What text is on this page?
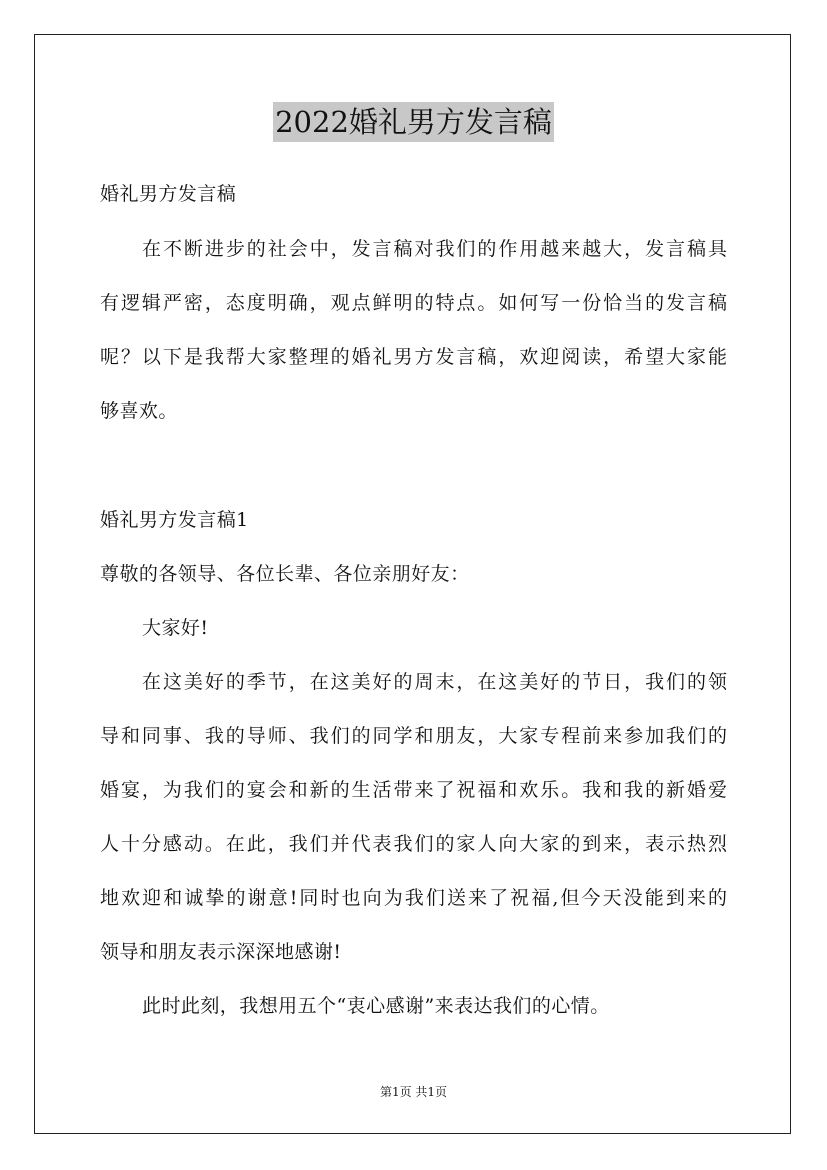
2022婚礼男方发言稿
婚礼男方发言稿
在不断进步的社会中，发言稿对我们的作用越来越大，发言稿具
有逻辑严密，态度明确，观点鲜明的特点。如何写一份恰当的发言稿
呢？以下是我帮大家整理的婚礼男方发言稿，欢迎阅读，希望大家能
够喜欢。
婚礼男方发言稿1
尊敬的各领导、各位长辈、各位亲朋好友：
大家好!
在这美好的季节，在这美好的周末，在这美好的节日，我们的领
导和同事、我的导师、我们的同学和朋友，大家专程前来参加我们的
婚宴，为我们的宴会和新的生活带来了祝福和欢乐。我和我的新婚爱
人十分感动。在此，我们并代表我们的家人向大家的到来，表示热烈
地欢迎和诚挚的谢意!同时也向为我们送来了祝福,但今天没能到来的
领导和朋友表示深深地感谢!
此时此刻，我想用五个“衷心感谢”来表达我们的心情。
第1页 共1页
